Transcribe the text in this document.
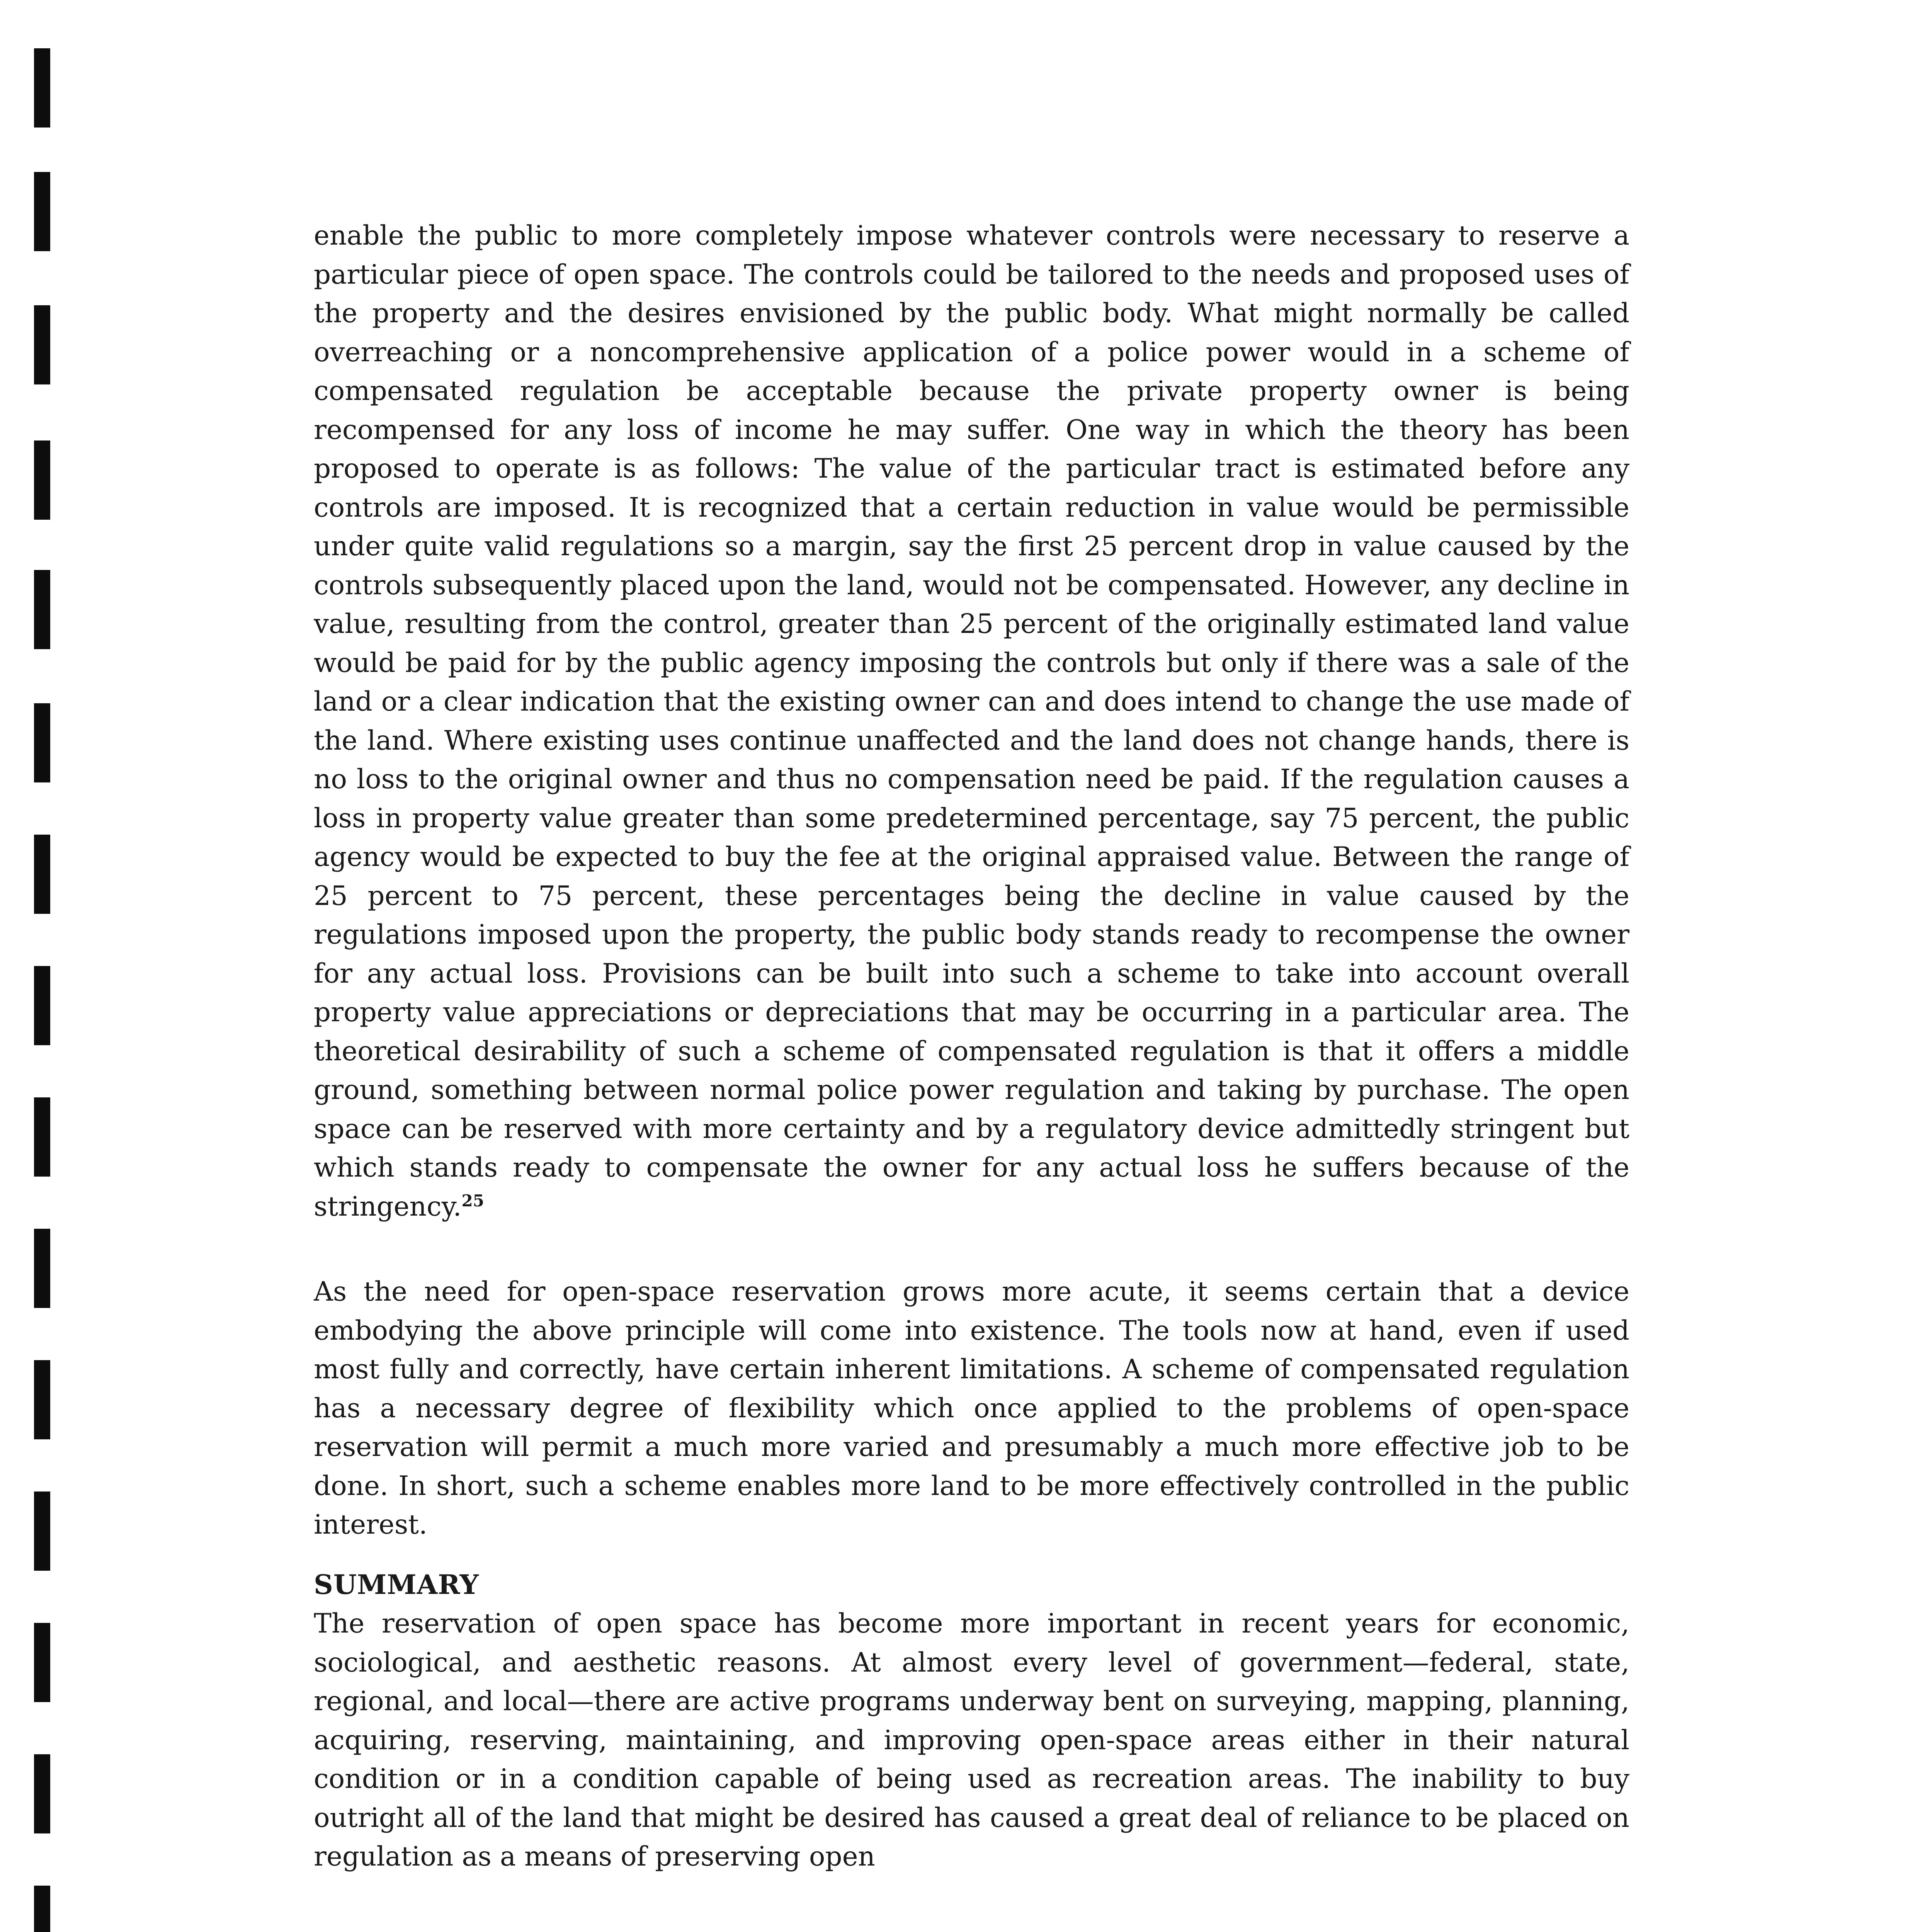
enable the public to more completely impose whatever controls were necessary to reserve a particular piece of open space. The controls could be tailored to the needs and proposed uses of the property and the desires envisioned by the public body. What might normally be called overreaching or a noncomprehensive application of a police power would in a scheme of compensated regulation be acceptable because the private property owner is being recompensed for any loss of income he may suffer. One way in which the theory has been proposed to operate is as follows: The value of the particular tract is estimated before any controls are imposed. It is recognized that a certain reduction in value would be permissible under quite valid regulations so a margin, say the first 25 percent drop in value caused by the controls subsequently placed upon the land, would not be compensated. However, any decline in value, resulting from the control, greater than 25 percent of the originally estimated land value would be paid for by the public agency imposing the controls but only if there was a sale of the land or a clear indication that the existing owner can and does intend to change the use made of the land. Where existing uses continue unaffected and the land does not change hands, there is no loss to the original owner and thus no compensation need be paid. If the regulation causes a loss in property value greater than some predetermined percentage, say 75 percent, the public agency would be expected to buy the fee at the original appraised value. Between the range of 25 percent to 75 percent, these percentages being the decline in value caused by the regulations imposed upon the property, the public body stands ready to recompense the owner for any actual loss. Provisions can be built into such a scheme to take into account overall property value appreciations or depreciations that may be occurring in a particular area. The theoretical desirability of such a scheme of compensated regulation is that it offers a middle ground, something between normal police power regulation and taking by purchase. The open space can be reserved with more certainty and by a regulatory device admittedly stringent but which stands ready to compensate the owner for any actual loss he suffers because of the stringency.$^{25}$

As the need for open-space reservation grows more acute, it seems certain that a device embodying the above principle will come into existence. The tools now at hand, even if used most fully and correctly, have certain inherent limitations. A scheme of compensated regulation has a necessary degree of flexibility which once applied to the problems of open-space reservation will permit a much more varied and presumably a much more effective job to be done. In short, such a scheme enables more land to be more effectively controlled in the public interest.

SUMMARY

The reservation of open space has become more important in recent years for economic, sociological, and aesthetic reasons. At almost every level of government—federal, state, regional, and local—there are active programs underway bent on surveying, mapping, planning, acquiring, reserving, maintaining, and improving open-space areas either in their natural condition or in a condition capable of being used as recreation areas. The inability to buy outright all of the land that might be desired has caused a great deal of reliance to be placed on regulation as a means of preserving open
